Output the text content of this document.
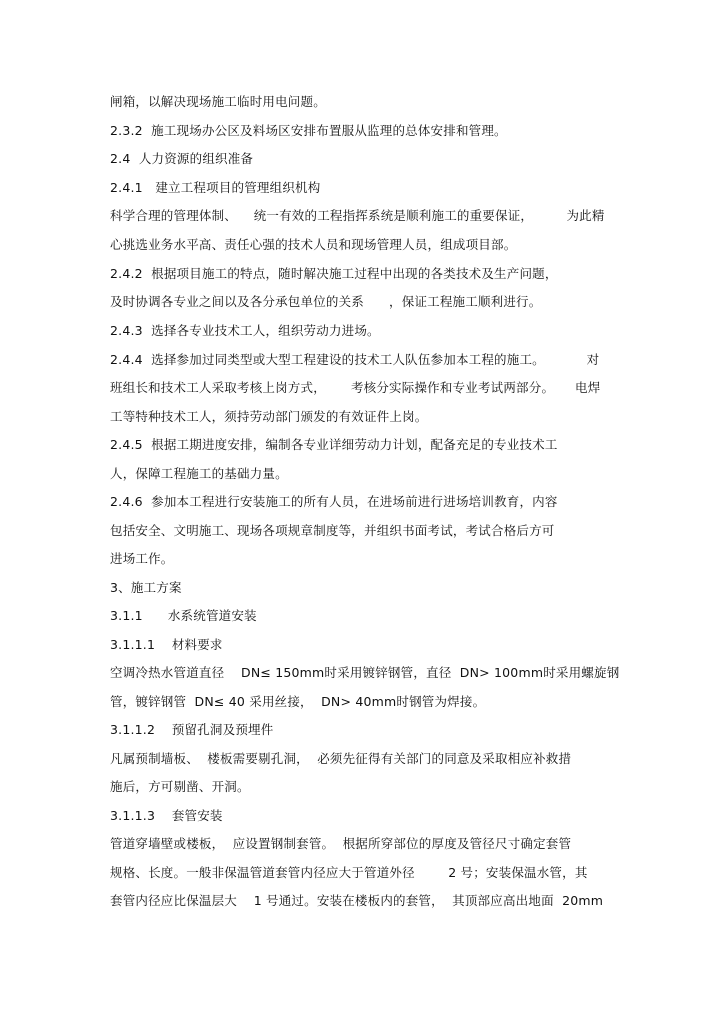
闸箱，以解决现场施工临时用电问题。
2.3.2  施工现场办公区及料场区安排布置服从监理的总体安排和管理。
2.4  人力资源的组织准备
2.4.1   建立工程项目的管理组织机构
科学合理的管理体制、    统一有效的工程指挥系统是顺利施工的重要保证，        为此精
心挑选业务水平高、责任心强的技术人员和现场管理人员，组成项目部。
2.4.2  根据项目施工的特点，随时解决施工过程中出现的各类技术及生产问题，
及时协调各专业之间以及各分承包单位的关系      ，保证工程施工顺利进行。
2.4.3  选择各专业技术工人，组织劳动力进场。
2.4.4  选择参加过同类型或大型工程建设的技术工人队伍参加本工程的施工。          对
班组长和技术工人采取考核上岗方式，      考核分实际操作和专业考试两部分。     电焊
工等特种技术工人，须持劳动部门颁发的有效证件上岗。
2.4.5  根据工期进度安排，编制各专业详细劳动力计划，配备充足的专业技术工
人，保障工程施工的基础力量。
2.4.6  参加本工程进行安装施工的所有人员，在进场前进行进场培训教育，内容
包括安全、文明施工、现场各项规章制度等，并组织书面考试，考试合格后方可
进场工作。
3、施工方案
3.1.1      水系统管道安装
3.1.1.1    材料要求
空调冷热水管道直径    DN≤ 150mm时采用镀锌钢管，直径  DN> 100mm时采用螺旋钢
管，镀锌钢管  DN≤ 40 采用丝接，  DN> 40mm时钢管为焊接。
3.1.1.2    预留孔洞及预埋件
凡属预制墙板、  楼板需要剔孔洞，  必须先征得有关部门的同意及采取相应补救措
施后，方可剔凿、开洞。
3.1.1.3    套管安装
管道穿墙壁或楼板，  应设置钢制套管。  根据所穿部位的厚度及管径尺寸确定套管
规格、长度。一般非保温管道套管内径应大于管道外径        2 号；安装保温水管，其
套管内径应比保温层大    1 号通过。安装在楼板内的套管，  其顶部应高出地面  20mm
